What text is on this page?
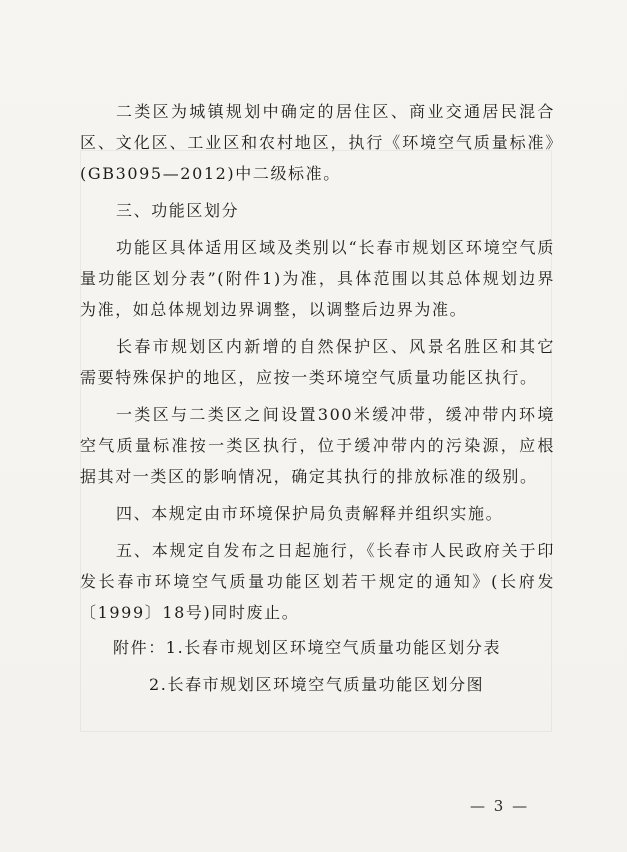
二类区为城镇规划中确定的居住区、商业交通居民混合区、文化区、工业区和农村地区，执行《环境空气质量标准》(GB3095—2012)中二级标准。

三、功能区划分

功能区具体适用区域及类别以“长春市规划区环境空气质量功能区划分表”(附件1)为准，具体范围以其总体规划边界为准，如总体规划边界调整，以调整后边界为准。

长春市规划区内新增的自然保护区、风景名胜区和其它需要特殊保护的地区，应按一类环境空气质量功能区执行。

一类区与二类区之间设置300米缓冲带，缓冲带内环境空气质量标准按一类区执行，位于缓冲带内的污染源，应根据其对一类区的影响情况，确定其执行的排放标准的级别。

四、本规定由市环境保护局负责解释并组织实施。

五、本规定自发布之日起施行，《长春市人民政府关于印发长春市环境空气质量功能区划若干规定的通知》(长府发〔1999〕18号)同时废止。

附件：1.长春市规划区环境空气质量功能区划分表
2.长春市规划区环境空气质量功能区划分图
— 3 —
